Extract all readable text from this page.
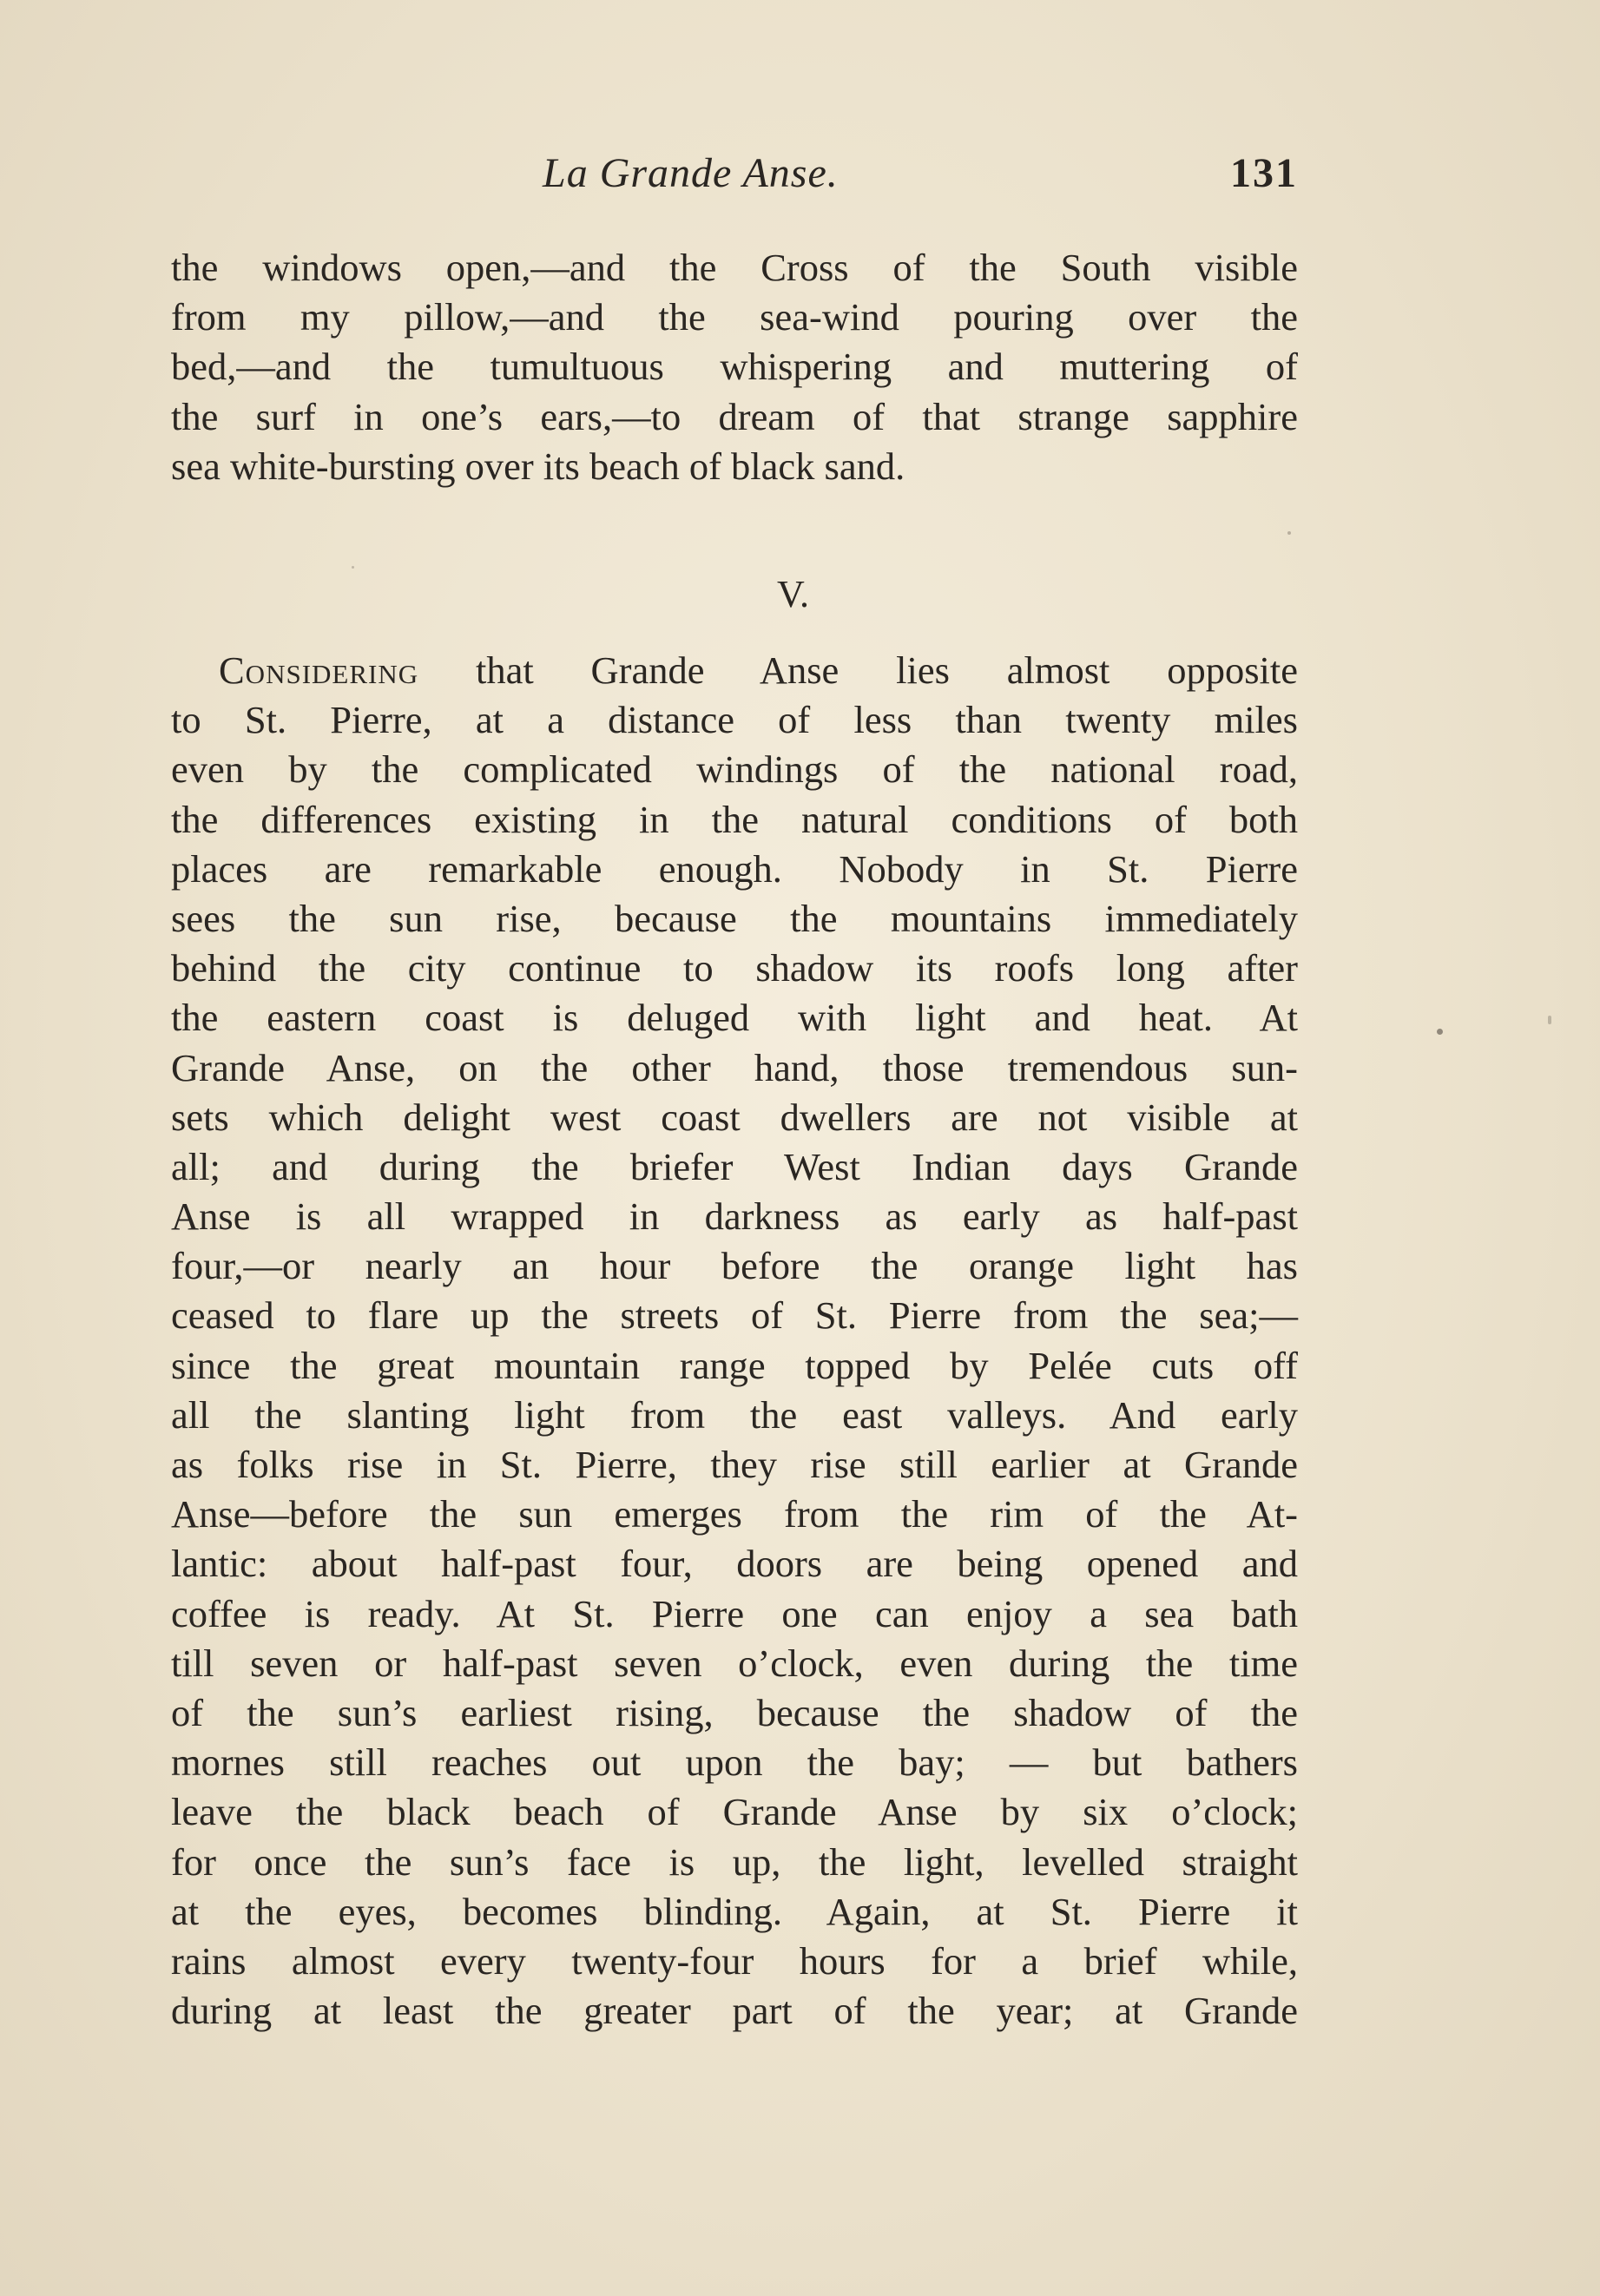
La Grande Anse.	131
the windows open,—and the Cross of the South visible
from my pillow,—and the sea-wind pouring over the
bed,—and the tumultuous whispering and muttering of
the surf in one’s ears,—to dream of that strange sapphire
sea white-bursting over its beach of black sand.
V.
Considering that Grande Anse lies almost opposite
to St. Pierre, at a distance of less than twenty miles
even by the complicated windings of the national road,
the differences existing in the natural conditions of both
places are remarkable enough. Nobody in St. Pierre
sees the sun rise, because the mountains immediately
behind the city continue to shadow its roofs long after
the eastern coast is deluged with light and heat. At
Grande Anse, on the other hand, those tremendous sun-
sets which delight west coast dwellers are not visible at
all; and during the briefer West Indian days Grande
Anse is all wrapped in darkness as early as half-past
four,—or nearly an hour before the orange light has
ceased to flare up the streets of St. Pierre from the sea;—
since the great mountain range topped by Pelée cuts off
all the slanting light from the east valleys. And early
as folks rise in St. Pierre, they rise still earlier at Grande
Anse—before the sun emerges from the rim of the At-
lantic: about half-past four, doors are being opened and
coffee is ready. At St. Pierre one can enjoy a sea bath
till seven or half-past seven o’clock, even during the time
of the sun’s earliest rising, because the shadow of the
mornes still reaches out upon the bay; — but bathers
leave the black beach of Grande Anse by six o’clock;
for once the sun’s face is up, the light, levelled straight
at the eyes, becomes blinding. Again, at St. Pierre it
rains almost every twenty-four hours for a brief while,
during at least the greater part of the year; at Grande
